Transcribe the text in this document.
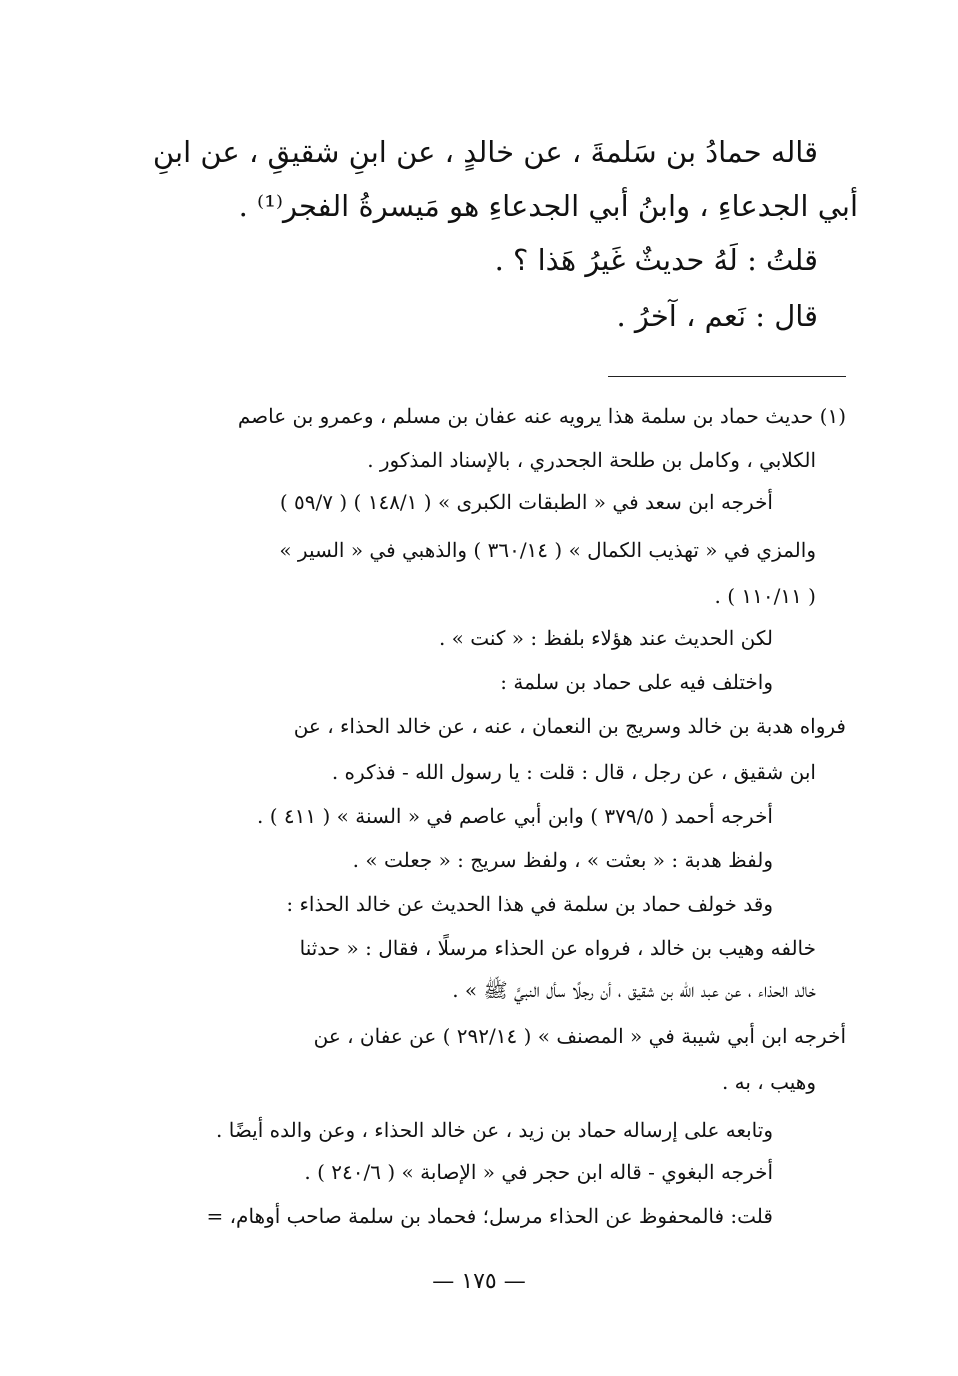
قاله حمادُ بن سَلمةَ ، عن خالدٍ ، عن ابنِ شقيقٍ ، عن ابنِ
أبي الجدعاءِ ، وابنُ أبي الجدعاءِ هو مَيسرةُ الفجر⁽¹⁾ .
قلتُ : لَهُ حديثٌ غَيرُ هَذا ؟ .
قال : نَعم ، آخرُ .
(١) حديث حماد بن سلمة هذا يرويه عنه عفان بن مسلم ، وعمرو بن عاصم
الكلابي ، وكامل بن طلحة الجحدري ، بالإسناد المذكور .
أخرجه ابن سعد في « الطبقات الكبرى » ( ١٤٨/١ ) ( ٥٩/٧ )
والمزي في « تهذيب الكمال » ( ٣٦٠/١٤ ) والذهبي في « السير »
( ١١٠/١١ ) .
لكن الحديث عند هؤلاء بلفظ : « كنت » .
واختلف فيه على حماد بن سلمة :
فرواه هدبة بن خالد وسريج بن النعمان ، عنه ، عن خالد الحذاء ، عن
ابن شقيق ، عن رجل ، قال : قلت : يا رسول الله - فذكره .
أخرجه أحمد ( ٣٧٩/٥ ) وابن أبي عاصم في « السنة » ( ٤١١ ) .
ولفظ هدبة : « بعثت » ، ولفظ سريج : « جعلت » .
وقد خولف حماد بن سلمة في هذا الحديث عن خالد الحذاء :
خالفه وهيب بن خالد ، فرواه عن الحذاء مرسلًا ، فقال : « حدثنا
خالد الحذاء ، عن عبد الله بن شقيق ، أن رجلًا سأل النبيَّ ﷺ » .
أخرجه ابن أبي شيبة في « المصنف » ( ٢٩٢/١٤ ) عن عفان ، عن
وهيب ، به .
وتابعه على إرساله حماد بن زيد ، عن خالد الحذاء ، وعن والده أيضًا .
أخرجه البغوي - قاله ابن حجر في « الإصابة » ( ٢٤٠/٦ ) .
قلت: فالمحفوظ عن الحذاء مرسل؛ فحماد بن سلمة صاحب أوهام، =
— ١٧٥ —
